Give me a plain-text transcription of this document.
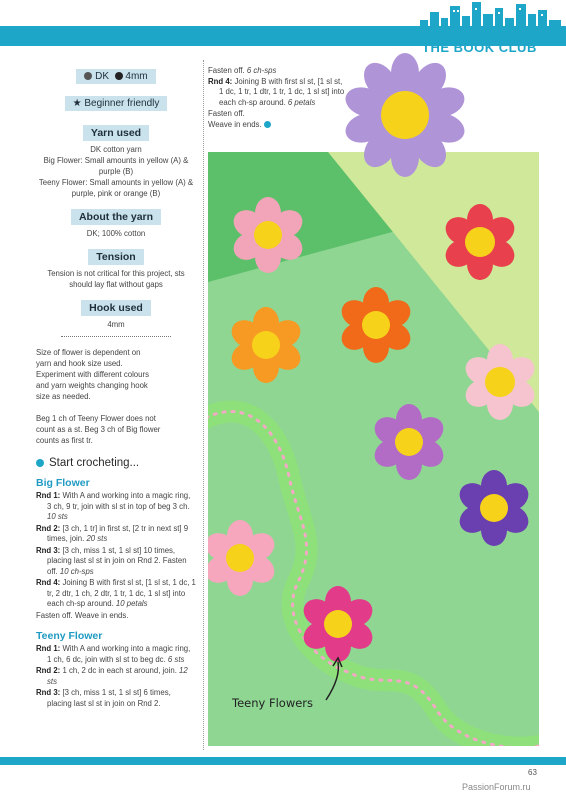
THE BOOK CLUB
DK 4mm
★ Beginner friendly
Yarn used
DK cotton yarn
Big Flower: Small amounts in yellow (A) & purple (B)
Teeny Flower: Small amounts in yellow (A) & purple, pink or orange (B)
About the yarn
DK; 100% cotton
Tension
Tension is not critical for this project, sts should lay flat without gaps
Hook used
4mm
Size of flower is dependent on yarn and hook size used. Experiment with different colours and yarn weights changing hook size as needed.
Beg 1 ch of Teeny Flower does not count as a st. Beg 3 ch of Big flower counts as first tr.
Start crocheting...
Big Flower
Rnd 1: With A and working into a magic ring, 3 ch, 9 tr, join with sl st in top of beg 3 ch. 10 sts
Rnd 2: [3 ch, 1 tr] in first st, [2 tr in next st] 9 times, join. 20 sts
Rnd 3: [3 ch, miss 1 st, 1 sl st] 10 times, placing last sl st in join on Rnd 2. Fasten off. 10 ch-sps
Rnd 4: Joining B with first sl st, [1 sl st, 1 dc, 1 tr, 2 dtr, 1 ch, 2 dtr, 1 tr, 1 dc, 1 sl st] into each ch-sp around. 10 petals
Fasten off. Weave in ends.
Teeny Flower
Rnd 1: With A and working into a magic ring, 1 ch, 6 dc, join with sl st to beg dc. 6 sts
Rnd 2: 1 ch, 2 dc in each st around, join. 12 sts
Rnd 3: [3 ch, miss 1 st, 1 sl st] 6 times, placing last sl st in join on Rnd 2.
Fasten off. 6 ch-sps
Rnd 4: Joining B with first sl st, [1 sl st, 1 dc, 1 tr, 1 dtr, 1 tr, 1 dc, 1 sl st] into each ch-sp around. 6 petals
Fasten off.
Weave in ends.
Teeny Flowers
63
PassionForum.ru
